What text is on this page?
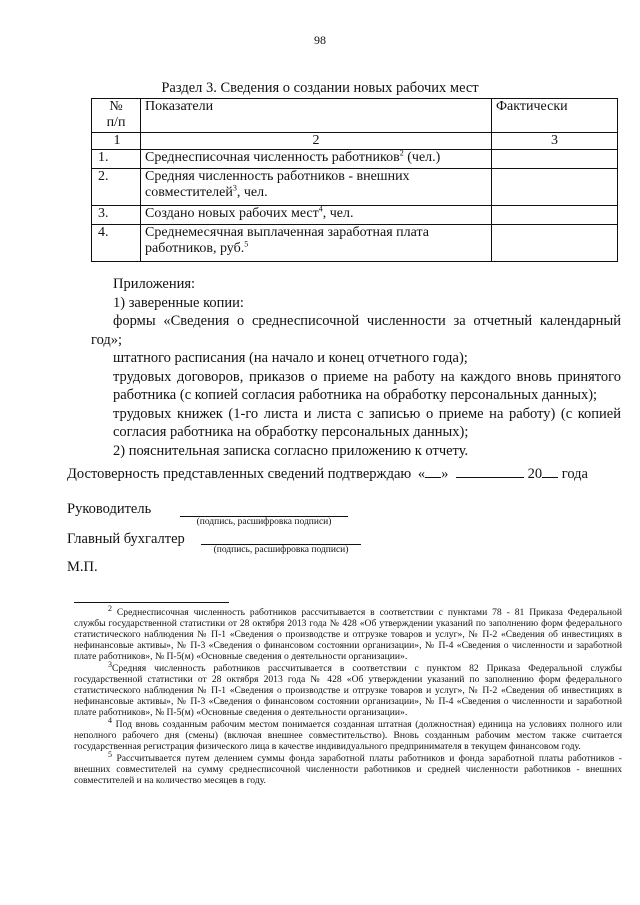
98
Раздел 3. Сведения о создании новых рабочих мест
№
п/п	Показатели	Фактически
1	2	3
1.	Среднесписочная численность работников$^2$ (чел.)	
2.	Средняя численность работников - внешних совместителей$^3$, чел.	
3.	Создано новых рабочих мест$^4$, чел.	
4.	Среднемесячная выплаченная заработная плата работников, руб.$^5$	

Приложения:

1) заверенные копии:

формы «Сведения о среднесписочной численности за отчетный календарный

год»;

штатного расписания (на начало и конец отчетного года);

трудовых договоров, приказов о приеме на работу на каждого вновь принятого

работника (с копией согласия работника на обработку персональных данных);

трудовых книжек (1-го листа и листа с записью о приеме на работу) (с копией

согласия работника на обработку персональных данных);

2) пояснительная записка согласно приложению к отчету.

Достоверность представленных сведений подтверждаю « »	20 года
Руководитель
(подпись, расшифровка подписи)
Главный бухгалтер
(подпись, расшифровка подписи)
М.П.

$^2$ Среднесписочная численность работников рассчитывается в соответствии с пунктами 78 - 81 Приказа Федеральной службы государственной статистики от 28 октября 2013 года № 428 «Об утверждении указаний по заполнению форм федерального статистического наблюдения № П-1 «Сведения о производстве и отгрузке товаров и услуг», № П-2 «Сведения об инвестициях в нефинансовые активы», № П-3 «Сведения о финансовом состоянии организации», № П-4 «Сведения о численности и заработной плате работников», № П-5(м) «Основные сведения о деятельности организации».

$^3$Средняя численность работников рассчитывается в соответствии с пунктом 82 Приказа Федеральной службы государственной статистики от 28 октября 2013 года № 428 «Об утверждении указаний по заполнению форм федерального статистического наблюдения № П-1 «Сведения о производстве и отгрузке товаров и услуг», № П-2 «Сведения об инвестициях в нефинансовые активы», № П-3 «Сведения о финансовом состоянии организации», № П-4 «Сведения о численности и заработной плате работников», № П-5(м) «Основные сведения о деятельности организации».

$^4$ Под вновь созданным рабочим местом понимается созданная штатная (должностная) единица на условиях полного или неполного рабочего дня (смены) (включая внешнее совместительство). Вновь созданным рабочим местом также считается государственная регистрация физического лица в качестве индивидуального предпринимателя в текущем финансовом году.

$^5$ Рассчитывается путем делением суммы фонда заработной платы работников и фонда заработной платы работников - внешних совместителей на сумму среднесписочной численности работников и средней численности работников - внешних совместителей и на количество месяцев в году.
